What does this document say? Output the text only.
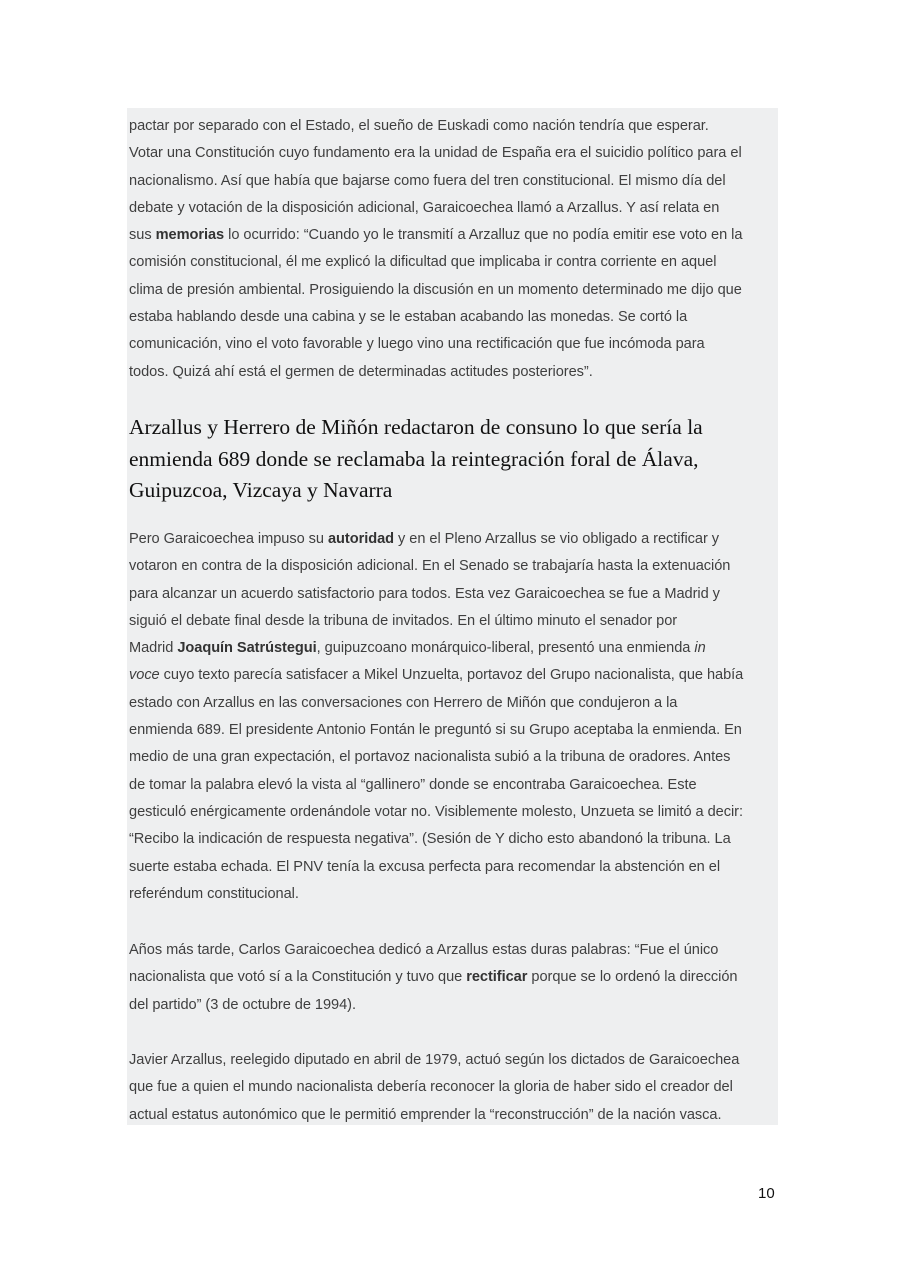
pactar por separado con el Estado, el sueño de Euskadi como nación tendría que esperar.
Votar una Constitución cuyo fundamento era la unidad de España era el suicidio político para el
nacionalismo. Así que había que bajarse como fuera del tren constitucional. El mismo día del
debate y votación de la disposición adicional, Garaicoechea llamó a Arzallus. Y así relata en
sus memorias lo ocurrido: “Cuando yo le transmití a Arzalluz que no podía emitir ese voto en la
comisión constitucional, él me explicó la dificultad que implicaba ir contra corriente en aquel
clima de presión ambiental. Prosiguiendo la discusión en un momento determinado me dijo que
estaba hablando desde una cabina y se le estaban acabando las monedas. Se cortó la
comunicación, vino el voto favorable y luego vino una rectificación que fue incómoda para
todos. Quizá ahí está el germen de determinadas actitudes posteriores”.
Arzallus y Herrero de Miñón redactaron de consuno lo que sería la
enmienda 689 donde se reclamaba la reintegración foral de Álava,
Guipuzcoa, Vizcaya y Navarra
Pero Garaicoechea impuso su autoridad y en el Pleno Arzallus se vio obligado a rectificar y
votaron en contra de la disposición adicional. En el Senado se trabajaría hasta la extenuación
para alcanzar un acuerdo satisfactorio para todos. Esta vez Garaicoechea se fue a Madrid y
siguió el debate final desde la tribuna de invitados. En el último minuto el senador por
Madrid Joaquín Satrústegui, guipuzcoano monárquico-liberal, presentó una enmienda in
voce cuyo texto parecía satisfacer a Mikel Unzuelta, portavoz del Grupo nacionalista, que había
estado con Arzallus en las conversaciones con Herrero de Miñón que condujeron a la
enmienda 689. El presidente Antonio Fontán le preguntó si su Grupo aceptaba la enmienda. En
medio de una gran expectación, el portavoz nacionalista subió a la tribuna de oradores. Antes
de tomar la palabra elevó la vista al “gallinero” donde se encontraba Garaicoechea. Este
gesticuló enérgicamente ordenándole votar no. Visiblemente molesto, Unzueta se limitó a decir:
“Recibo la indicación de respuesta negativa”. (Sesión de Y dicho esto abandonó la tribuna. La
suerte estaba echada. El PNV tenía la excusa perfecta para recomendar la abstención en el
referéndum constitucional.
Años más tarde, Carlos Garaicoechea dedicó a Arzallus estas duras palabras: “Fue el único
nacionalista que votó sí a la Constitución y tuvo que rectificar porque se lo ordenó la dirección
del partido” (3 de octubre de 1994).
Javier Arzallus, reelegido diputado en abril de 1979, actuó según los dictados de Garaicoechea
que fue a quien el mundo nacionalista debería reconocer la gloria de haber sido el creador del
actual estatus autonómico que le permitió emprender la “reconstrucción” de la nación vasca.
10
